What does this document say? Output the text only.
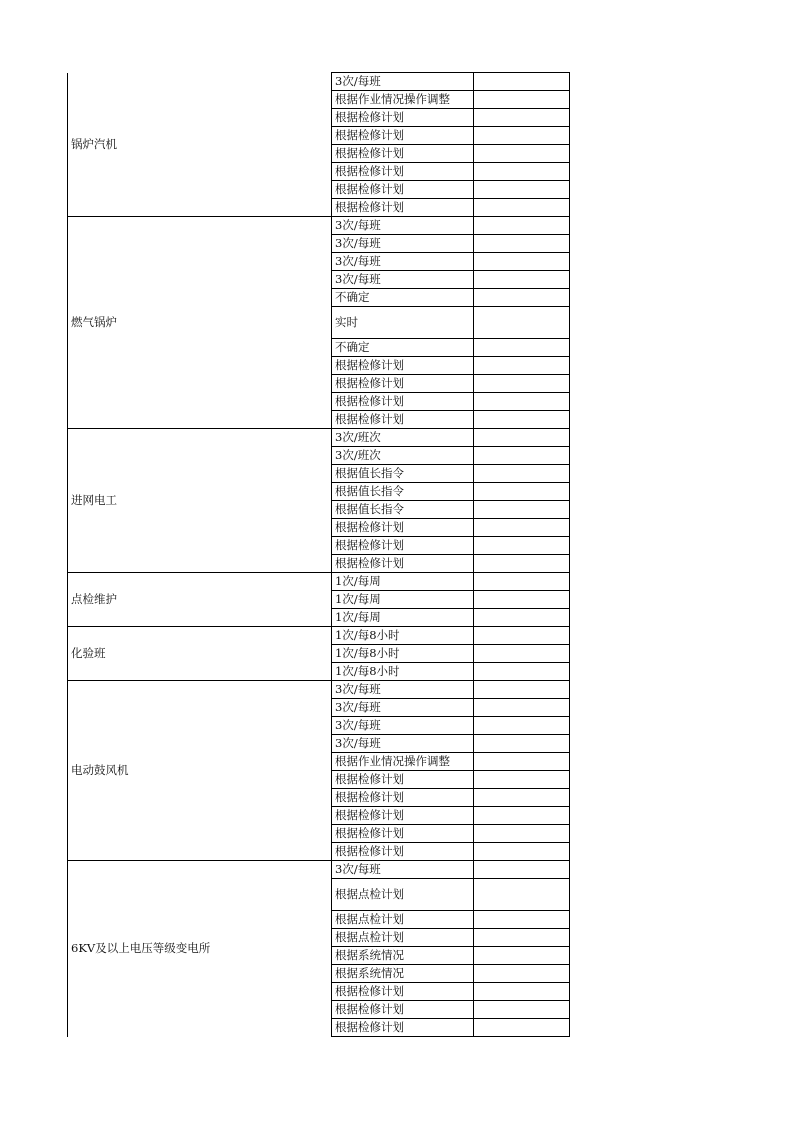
锅炉汽机	3次/每班	
	根据作业情况操作调整	
	根据检修计划	
	根据检修计划	
	根据检修计划	
	根据检修计划	
	根据检修计划	
	根据检修计划	
燃气锅炉	3次/每班	
	3次/每班	
	3次/每班	
	3次/每班	
	不确定	
	实时	
	不确定	
	根据检修计划	
	根据检修计划	
	根据检修计划	
	根据检修计划	
进网电工	3次/班次	
	3次/班次	
	根据值长指令	
	根据值长指令	
	根据值长指令	
	根据检修计划	
	根据检修计划	
	根据检修计划	
点检维护	1次/每周	
	1次/每周	
	1次/每周	
化验班	1次/每8小时	
	1次/每8小时	
	1次/每8小时	
电动鼓风机	3次/每班	
	3次/每班	
	3次/每班	
	3次/每班	
	根据作业情况操作调整	
	根据检修计划	
	根据检修计划	
	根据检修计划	
	根据检修计划	
	根据检修计划	
6KV及以上电压等级变电所	3次/每班	
	根据点检计划	
	根据点检计划	
	根据点检计划	
	根据系统情况	
	根据系统情况	
	根据检修计划	
	根据检修计划	
	根据检修计划	
